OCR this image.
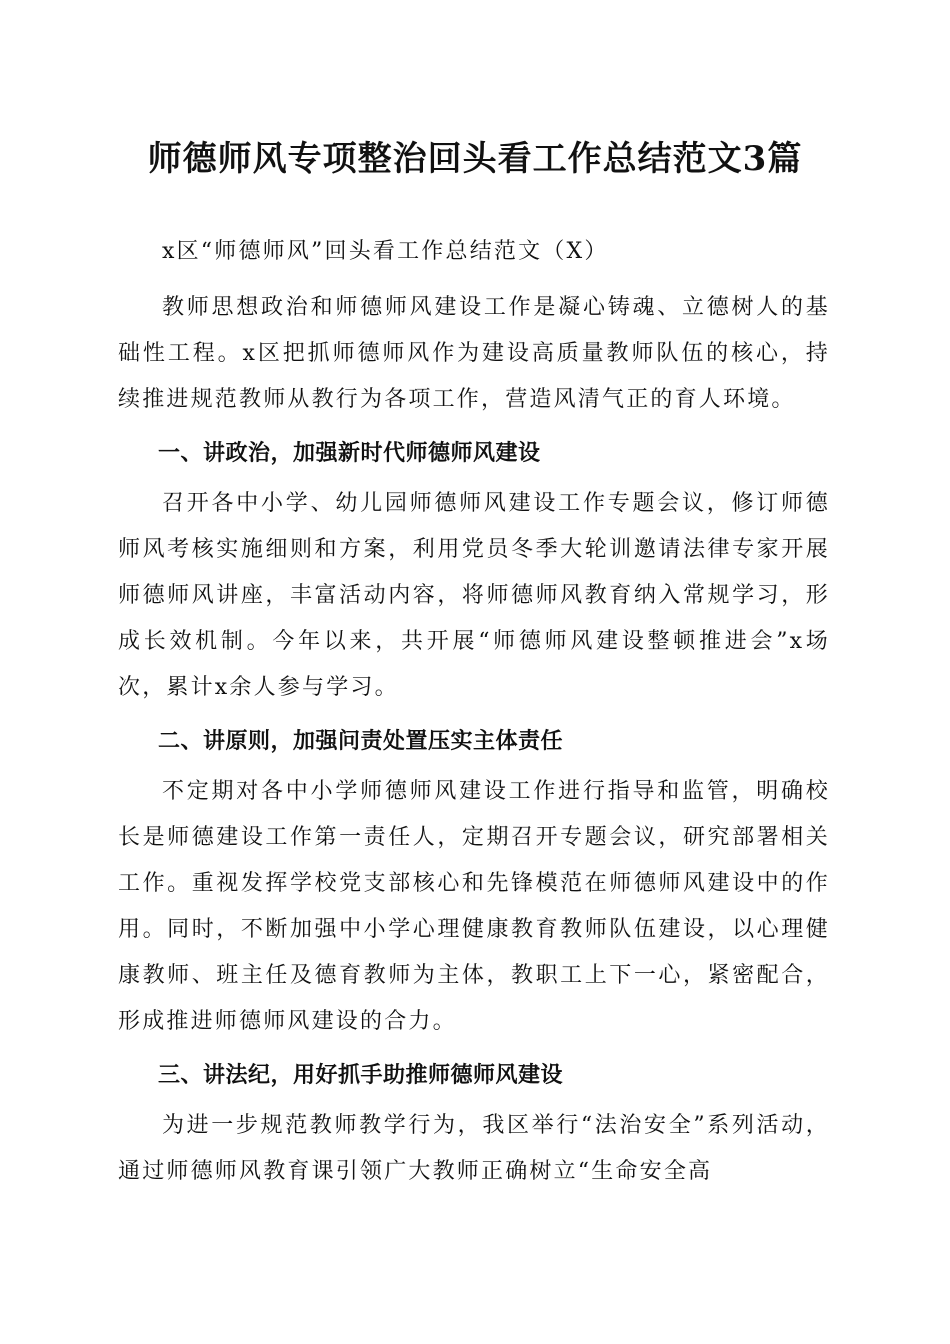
师德师风专项整治回头看工作总结范文3篇

x区“师德师风”回头看工作总结范文（X）

教师思想政治和师德师风建设工作是凝心铸魂、立德树人的基础性工程。x区把抓师德师风作为建设高质量教师队伍的核心，持续推进规范教师从教行为各项工作，营造风清气正的育人环境。

一、讲政治，加强新时代师德师风建设

召开各中小学、幼儿园师德师风建设工作专题会议，修订师德师风考核实施细则和方案，利用党员冬季大轮训邀请法律专家开展师德师风讲座，丰富活动内容，将师德师风教育纳入常规学习，形成长效机制。今年以来，共开展“师德师风建设整顿推进会”x场次，累计x余人参与学习。

二、讲原则，加强问责处置压实主体责任

不定期对各中小学师德师风建设工作进行指导和监管，明确校长是师德建设工作第一责任人，定期召开专题会议，研究部署相关工作。重视发挥学校党支部核心和先锋模范在师德师风建设中的作用。同时，不断加强中小学心理健康教育教师队伍建设，以心理健康教师、班主任及德育教师为主体，教职工上下一心，紧密配合，形成推进师德师风建设的合力。

三、讲法纪，用好抓手助推师德师风建设

为进一步规范教师教学行为，我区举行“法治安全”系列活动，通过师德师风教育课引领广大教师正确树立“生命安全高
